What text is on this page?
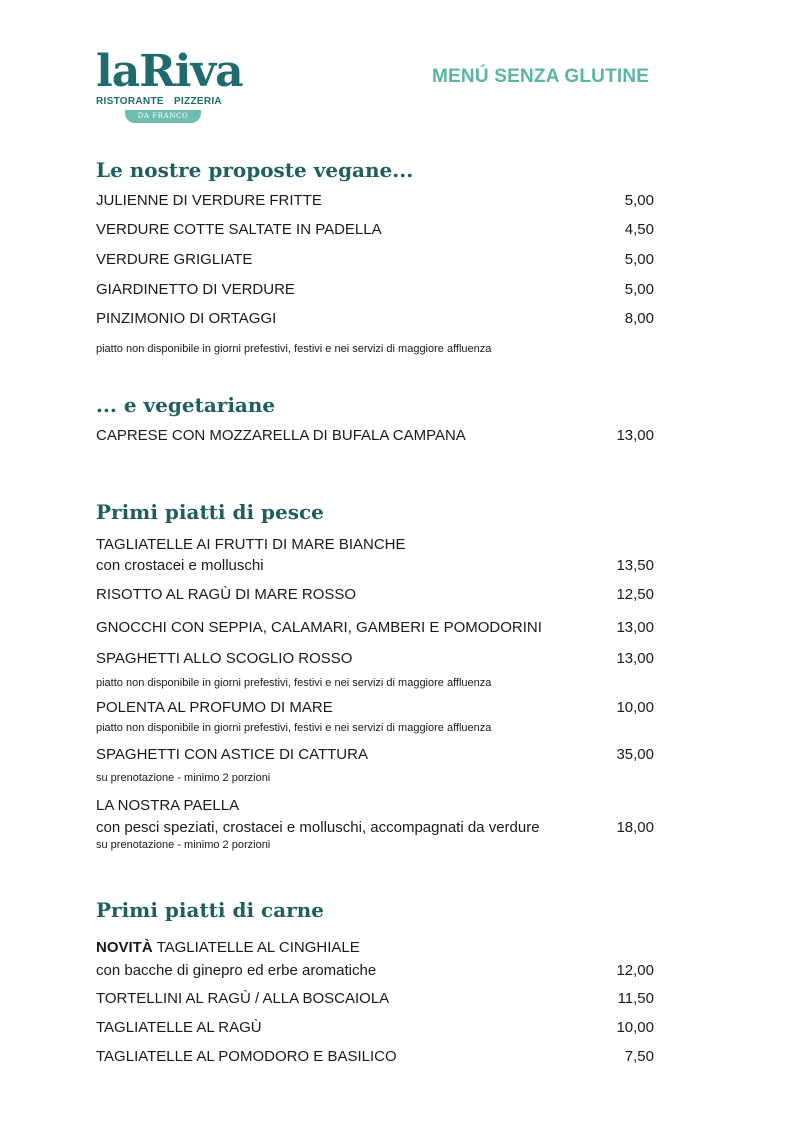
laRiva
RISTORANTE PIZZERIA
DA FRANCO
MENÚ SENZA GLUTINE
Le nostre proposte vegane...
JULIENNE DI VERDURE FRITTE	5,00
VERDURE COTTE SALTATE IN PADELLA	4,50
VERDURE GRIGLIATE	5,00
GIARDINETTO DI VERDURE	5,00
PINZIMONIO DI ORTAGGI	8,00
piatto non disponibile in giorni prefestivi, festivi e nei servizi di maggiore affluenza
... e vegetariane
CAPRESE CON MOZZARELLA DI BUFALA CAMPANA	13,00
Primi piatti di pesce
TAGLIATELLE AI FRUTTI DI MARE BIANCHE
con crostacei e molluschi	13,50
RISOTTO AL RAGÙ DI MARE ROSSO	12,50
GNOCCHI CON SEPPIA, CALAMARI, GAMBERI E POMODORINI	13,00
SPAGHETTI ALLO SCOGLIO ROSSO	13,00
piatto non disponibile in giorni prefestivi, festivi e nei servizi di maggiore affluenza
POLENTA AL PROFUMO DI MARE	10,00
piatto non disponibile in giorni prefestivi, festivi e nei servizi di maggiore affluenza
SPAGHETTI CON ASTICE DI CATTURA	35,00
su prenotazione - minimo 2 porzioni
LA NOSTRA PAELLA
con pesci speziati, crostacei e molluschi, accompagnati da verdure	18,00
su prenotazione - minimo 2 porzioni
Primi piatti di carne
NOVITÀ TAGLIATELLE AL CINGHIALE
con bacche di ginepro ed erbe aromatiche	12,00
TORTELLINI AL RAGÙ / ALLA BOSCAIOLA	11,50
TAGLIATELLE AL RAGÙ	10,00
TAGLIATELLE AL POMODORO E BASILICO	7,50
